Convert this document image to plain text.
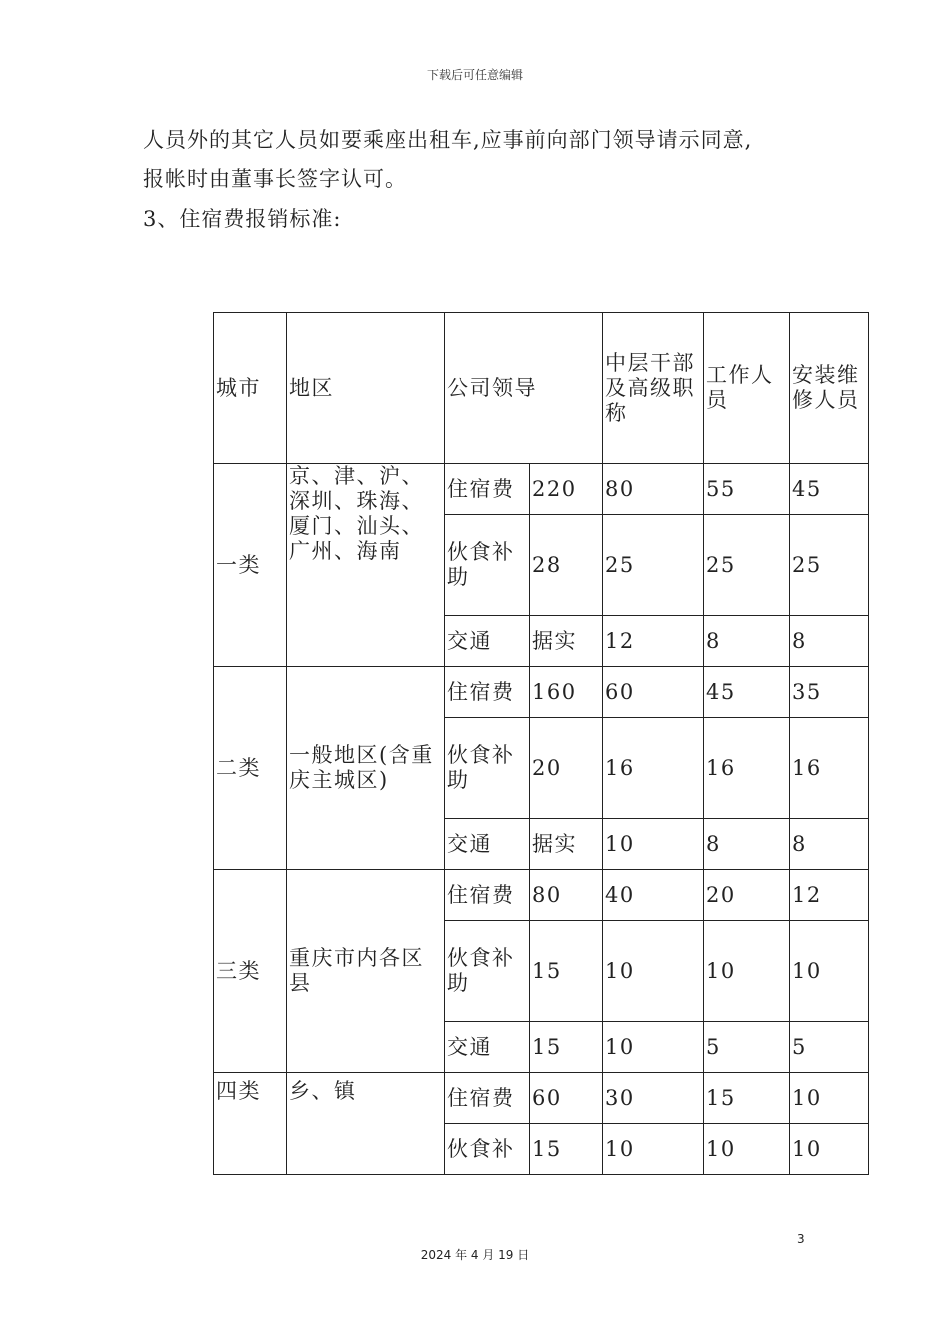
下载后可任意编辑
人员外的其它人员如要乘座出租车,应事前向部门领导请示同意,
报帐时由董事长签字认可。
3、住宿费报销标准:
城市	地区	公司领导		中层干部及高级职称	工作人员	安装维修人员
一类	京、津、沪、深圳、珠海、厦门、汕头、广州、海南	住宿费	220	80	55	45
		伙食补助	28	25	25	25
		交通	据实	12	8	8
二类	一般地区(含重庆主城区)	住宿费	160	60	45	35
		伙食补助	20	16	16	16
		交通	据实	10	8	8
三类	重庆市内各区县	住宿费	80	40	20	12
		伙食补助	15	10	10	10
		交通	15	10	5	5
四类	乡、镇	住宿费	60	30	15	10
		伙食补	15	10	10	10
3
2024 年 4 月 19 日
